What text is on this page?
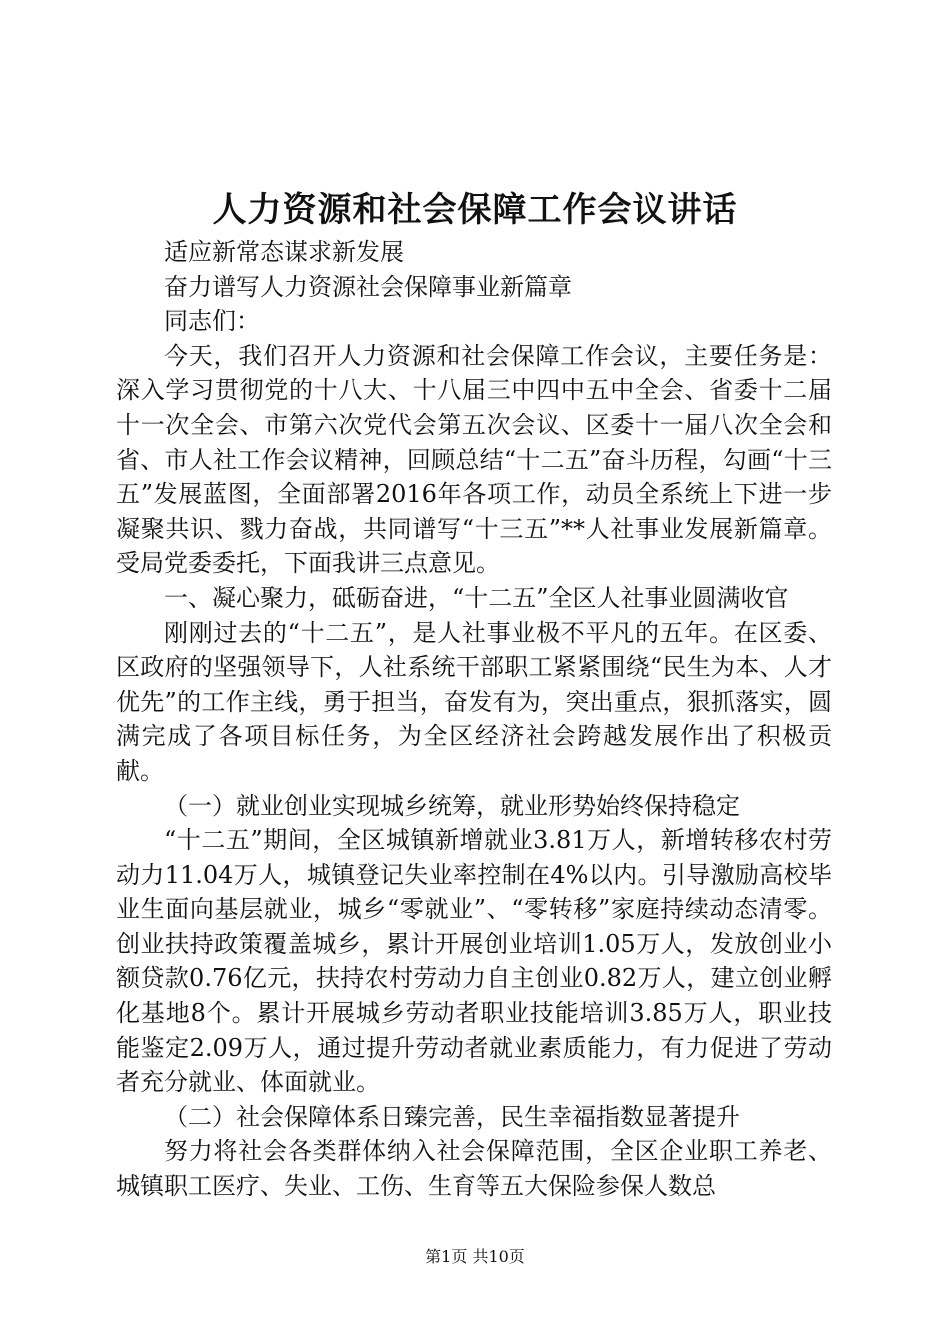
人力资源和社会保障工作会议讲话

适应新常态谋求新发展

奋力谱写人力资源社会保障事业新篇章

同志们：

今天，我们召开人力资源和社会保障工作会议，主要任务是：深入学习贯彻党的十八大、十八届三中四中五中全会、省委十二届十一次全会、市第六次党代会第五次会议、区委十一届八次全会和省、市人社工作会议精神，回顾总结“十二五”奋斗历程，勾画“十三五”发展蓝图，全面部署2016年各项工作，动员全系统上下进一步凝聚共识、戮力奋战，共同谱写“十三五”**人社事业发展新篇章。受局党委委托，下面我讲三点意见。

一、凝心聚力，砥砺奋进，“十二五”全区人社事业圆满收官

刚刚过去的“十二五”，是人社事业极不平凡的五年。在区委、区政府的坚强领导下，人社系统干部职工紧紧围绕“民生为本、人才优先”的工作主线，勇于担当，奋发有为，突出重点，狠抓落实，圆满完成了各项目标任务，为全区经济社会跨越发展作出了积极贡献。

（一）就业创业实现城乡统筹，就业形势始终保持稳定

“十二五”期间，全区城镇新增就业3.81万人，新增转移农村劳动力11.04万人，城镇登记失业率控制在4%以内。引导激励高校毕业生面向基层就业，城乡“零就业”、“零转移”家庭持续动态清零。创业扶持政策覆盖城乡，累计开展创业培训1.05万人，发放创业小额贷款0.76亿元，扶持农村劳动力自主创业0.82万人，建立创业孵化基地8个。累计开展城乡劳动者职业技能培训3.85万人，职业技能鉴定2.09万人，通过提升劳动者就业素质能力，有力促进了劳动者充分就业、体面就业。

（二）社会保障体系日臻完善，民生幸福指数显著提升

努力将社会各类群体纳入社会保障范围，全区企业职工养老、城镇职工医疗、失业、工伤、生育等五大保险参保人数总

第1页 共10页
